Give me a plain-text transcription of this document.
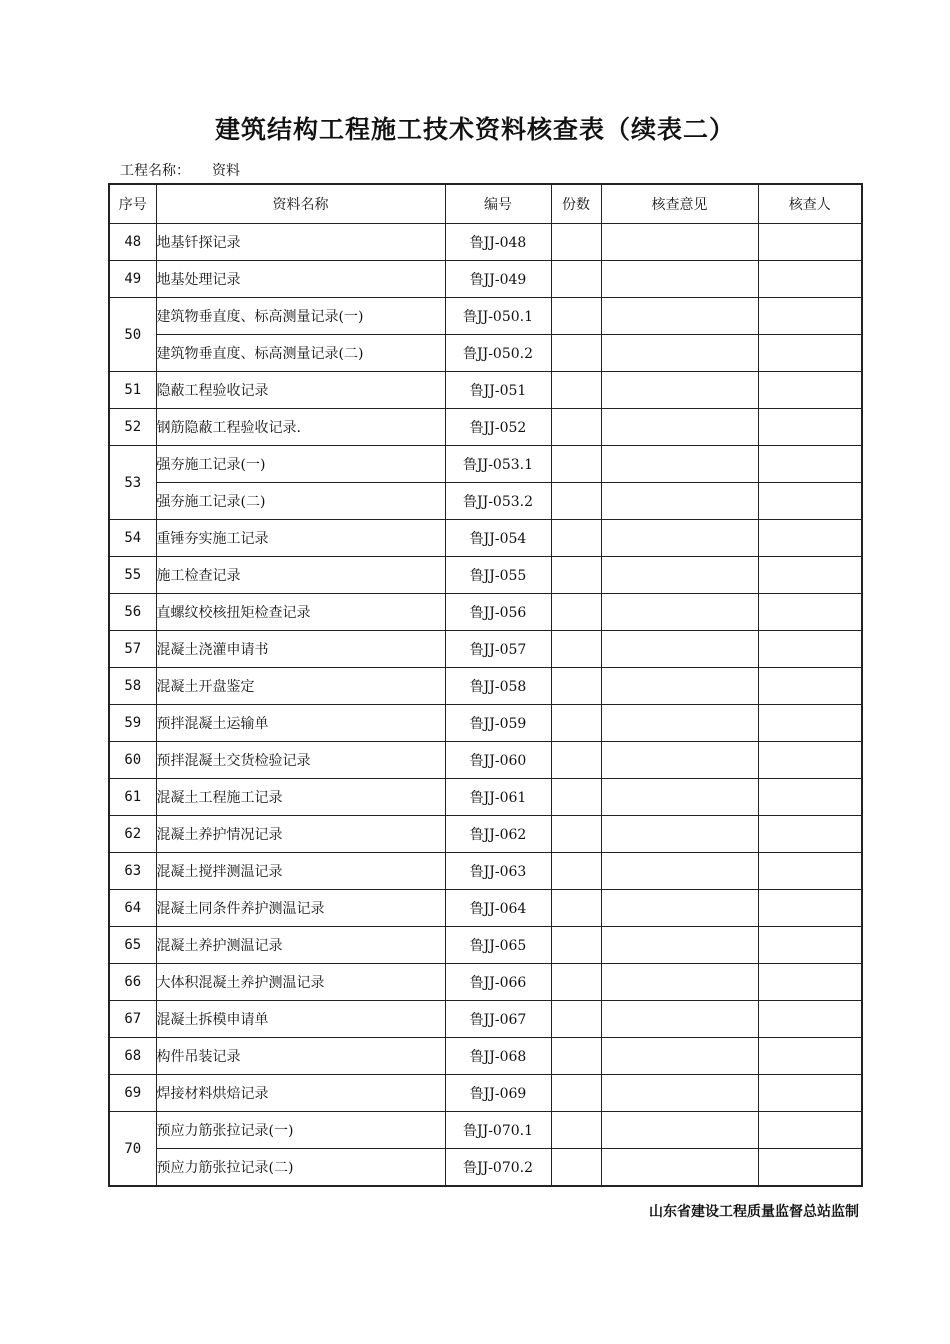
建筑结构工程施工技术资料核查表（续表二）
工程名称： 资料
序号	资料名称	编号	份数	核查意见	核查人
48	地基钎探记录	鲁JJ-048			
49	地基处理记录	鲁JJ-049			
50	建筑物垂直度、标高测量记录(一)	鲁JJ-050.1			
	建筑物垂直度、标高测量记录(二)	鲁JJ-050.2			
51	隐蔽工程验收记录	鲁JJ-051			
52	钢筋隐蔽工程验收记录.	鲁JJ-052			
53	强夯施工记录(一)	鲁JJ-053.1			
	强夯施工记录(二)	鲁JJ-053.2			
54	重锤夯实施工记录	鲁JJ-054			
55	施工检查记录	鲁JJ-055			
56	直螺纹校核扭矩检查记录	鲁JJ-056			
57	混凝土浇灌申请书	鲁JJ-057			
58	混凝土开盘鉴定	鲁JJ-058			
59	预拌混凝土运输单	鲁JJ-059			
60	预拌混凝土交货检验记录	鲁JJ-060			
61	混凝土工程施工记录	鲁JJ-061			
62	混凝土养护情况记录	鲁JJ-062			
63	混凝土搅拌测温记录	鲁JJ-063			
64	混凝土同条件养护测温记录	鲁JJ-064			
65	混凝土养护测温记录	鲁JJ-065			
66	大体积混凝土养护测温记录	鲁JJ-066			
67	混凝土拆模申请单	鲁JJ-067			
68	构件吊装记录	鲁JJ-068			
69	焊接材料烘焙记录	鲁JJ-069			
70	预应力筋张拉记录(一)	鲁JJ-070.1			
	预应力筋张拉记录(二)	鲁JJ-070.2			
山东省建设工程质量监督总站监制
